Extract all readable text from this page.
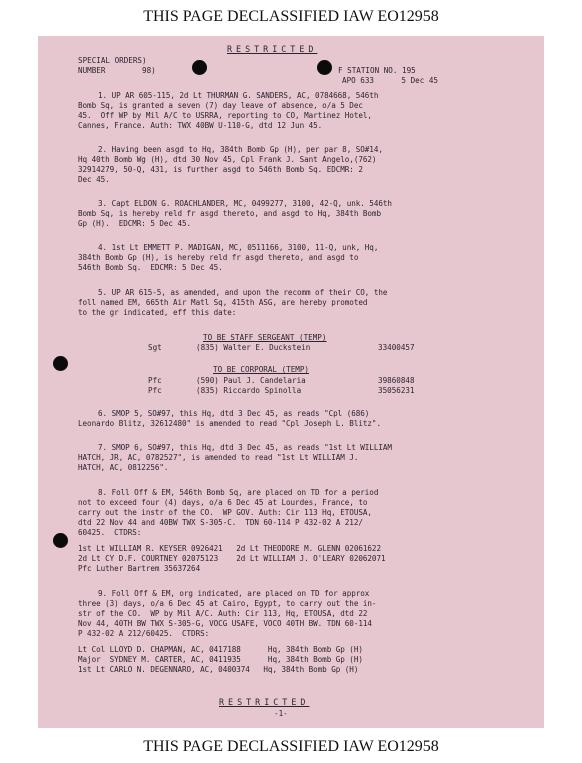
THIS PAGE DECLASSIFIED IAW EO12958
RESTRICTED
SPECIAL ORDERS)
NUMBER        98)	F STATION NO. 195
APO 633      5 Dec 45
1. UP AR 605-115, 2d Lt THURMAN G. SANDERS, AC, 0784668, 546th
Bomb Sq, is granted a seven (7) day leave of absence, o/a 5 Dec
45.  Off WP by Mil A/C to USRRA, reporting to CO, Martinez Hotel,
Cannes, France. Auth: TWX 40BW U-110-G, dtd 12 Jun 45.
2. Having been asgd to Hq, 384th Bomb Gp (H), per par 8, SO#14,
Hq 40th Bomb Wg (H), dtd 30 Nov 45, Cpl Frank J. Sant Angelo,(762)
32914279, 50-Q, 431, is further asgd to 546th Bomb Sq. EDCMR: 2
Dec 45.
3. Capt ELDON G. ROACHLANDER, MC, 0499277, 3100, 42-Q, unk. 546th
Bomb Sq, is hereby reld fr asgd thereto, and asgd to Hq, 384th Bomb
Gp (H).  EDCMR: 5 Dec 45.
4. 1st Lt EMMETT P. MADIGAN, MC, 0511166, 3100, 11-Q, unk, Hq,
384th Bomb Gp (H), is hereby reld fr asgd thereto, and asgd to
546th Bomb Sq.  EDCMR: 5 Dec 45.
5. UP AR 615-5, as amended, and upon the recomm of their CO, the
foll named EM, 665th Air Matl Sq, 415th ASG, are hereby promoted
to the gr indicated, eff this date:
TO BE STAFF SERGEANT (TEMP)
Sgt	(835) Walter E. Duckstein	33400457
TO BE CORPORAL (TEMP)
Pfc	(590) Paul J. Candelaria	39860848
Pfc	(835) Riccardo Spinolla	35056231
6. SMOP 5, SO#97, this Hq, dtd 3 Dec 45, as reads "Cpl (686)
Leonardo Blitz, 32612480" is amended to read "Cpl Joseph L. Blitz".
7. SMOP 6, SO#97, this Hq, dtd 3 Dec 45, as reads "1st Lt WILLIAM
HATCH, JR, AC, 0782527", is amended to read "1st Lt WILLIAM J.
HATCH, AC, 0812256".
8. Foll Off & EM, 546th Bomb Sq, are placed on TD for a period
not to exceed four (4) days, o/a 6 Dec 45 at Lourdes, France, to
carry out the instr of the CO.  WP GOV. Auth: Cir 113 Hq, ETOUSA,
dtd 22 Nov 44 and 40BW TWX S-305-C.  TDN 60-114 P 432-02 A 212/
60425.  CTDRS:
1st Lt WILLIAM R. KEYSER 0926421   2d Lt THEODORE M. GLENN 02061622
2d Lt CY D.F. COURTNEY 02075123    2d Lt WILLIAM J. O'LEARY 02062071
Pfc Luther Bartrem 35637264
9. Foll Off & EM, org indicated, are placed on TD for approx
three (3) days, o/a 6 Dec 45 at Cairo, Egypt, to carry out the in-
str of the CO.  WP by Mil A/C. Auth: Cir 113, Hq, ETOUSA, dtd 22
Nov 44, 40TH BW TWX S-305-G, VOCG USAFE, VOCO 40TH BW. TDN 60-114
P 432-02 A 212/60425.  CTDRS:
Lt Col LLOYD D. CHAPMAN, AC, 0417188      Hq, 384th Bomb Gp (H)
Major  SYDNEY M. CARTER, AC, 0411935      Hq, 384th Bomb Gp (H)
1st Lt CARLO N. DEGENNARO, AC, 0400374   Hq, 384th Bomb Gp (H)
RESTRICTED
-1-
THIS PAGE DECLASSIFIED IAW EO12958
